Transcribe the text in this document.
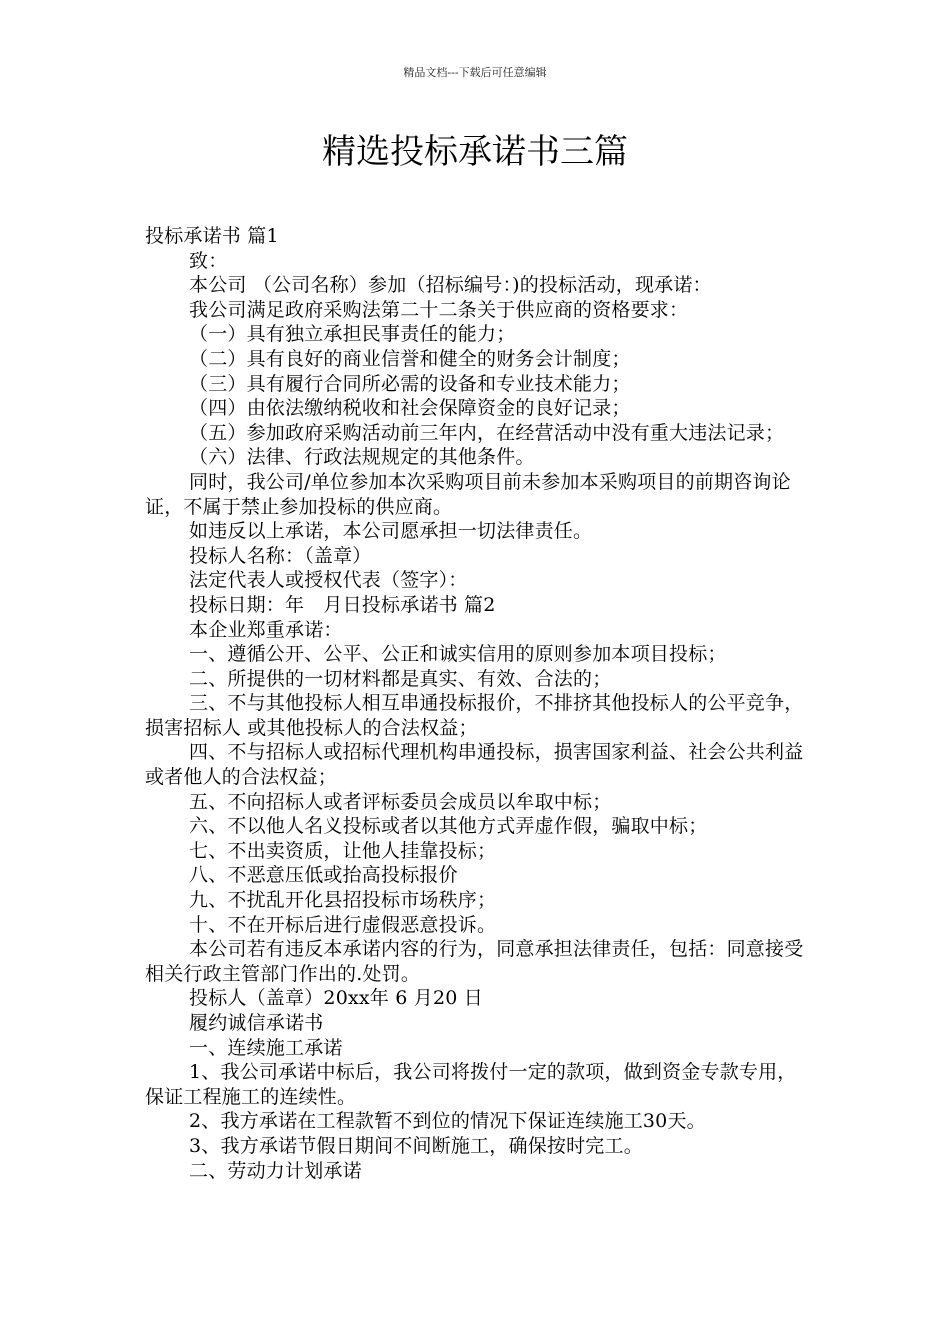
精品文档---下载后可任意编辑
精选投标承诺书三篇

投标承诺书 篇1

致：

本公司 （公司名称）参加（招标编号：)的投标活动，现承诺：

我公司满足政府采购法第二十二条关于供应商的资格要求：

（一）具有独立承担民事责任的能力；

（二）具有良好的商业信誉和健全的财务会计制度；

（三）具有履行合同所必需的设备和专业技术能力；

（四）由依法缴纳税收和社会保障资金的良好记录；

（五）参加政府采购活动前三年内，在经营活动中没有重大违法记录；

（六）法律、行政法规规定的其他条件。

同时，我公司/单位参加本次采购项目前未参加本采购项目的前期咨询论证，不属于禁止参加投标的供应商。

如违反以上承诺，本公司愿承担一切法律责任。

投标人名称：（盖章）

法定代表人或授权代表（签字）：

投标日期：年　月日投标承诺书 篇2

本企业郑重承诺：

一、遵循公开、公平、公正和诚实信用的原则参加本项目投标；

二、所提供的一切材料都是真实、有效、合法的；

三、不与其他投标人相互串通投标报价，不排挤其他投标人的公平竞争，损害招标人 或其他投标人的合法权益；

四、不与招标人或招标代理机构串通投标，损害国家利益、社会公共利益或者他人的合法权益；

五、不向招标人或者评标委员会成员以牟取中标；

六、不以他人名义投标或者以其他方式弄虚作假，骗取中标；

七、不出卖资质，让他人挂靠投标；

八、不恶意压低或抬高投标报价

九、不扰乱开化县招投标市场秩序；

十、不在开标后进行虚假恶意投诉。

本公司若有违反本承诺内容的行为，同意承担法律责任，包括：同意接受相关行政主管部门作出的.处罚。

投标人（盖章）20xx年 6 月20 日

履约诚信承诺书

一、连续施工承诺

1、我公司承诺中标后，我公司将拨付一定的款项，做到资金专款专用，保证工程施工的连续性。

2、我方承诺在工程款暂不到位的情况下保证连续施工30天。

3、我方承诺节假日期间不间断施工，确保按时完工。

二、劳动力计划承诺
